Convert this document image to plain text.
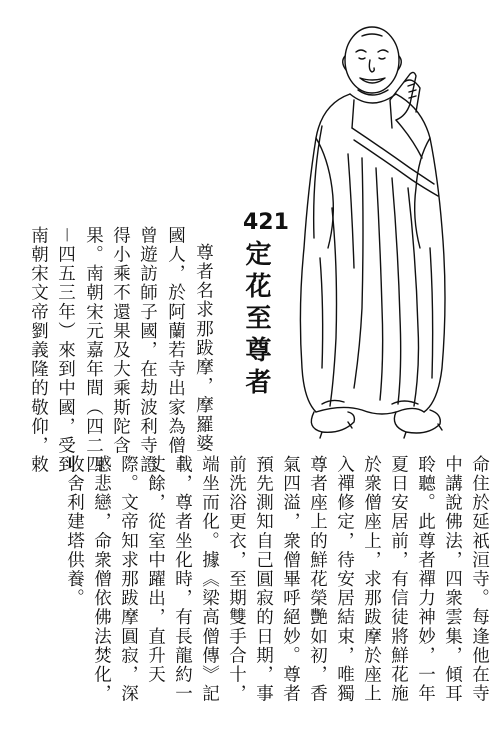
421
定花至尊者
尊者名求那跋摩，摩羅婆
國人，於阿蘭若寺出家為僧。
曾遊訪師子國，在劫波利寺證
得小乘不還果及大乘斯陀含
果。南朝宋元嘉年間（四二四
－四五三年）來到中國，受到
南朝宋文帝劉義隆的敬仰，敕
命住於延祇洹寺。每逢他在寺
中講說佛法，四衆雲集，傾耳
聆聽。此尊者禪力神妙，一年
夏日安居前，有信徒將鮮花施
於衆僧座上，求那跋摩於座上
入禪修定，待安居結束，唯獨
尊者座上的鮮花榮艷如初，香
氣四溢，衆僧畢呼絕妙。尊者
預先測知自己圓寂的日期，事
前洗浴更衣，至期雙手合十，
端坐而化。據《梁高僧傳》記
載，尊者坐化時，有長龍約一
丈餘，從室中躍出，直升天
際。文帝知求那跋摩圓寂，深
感悲戀，命衆僧依佛法焚化，
收舍利建塔供養。
